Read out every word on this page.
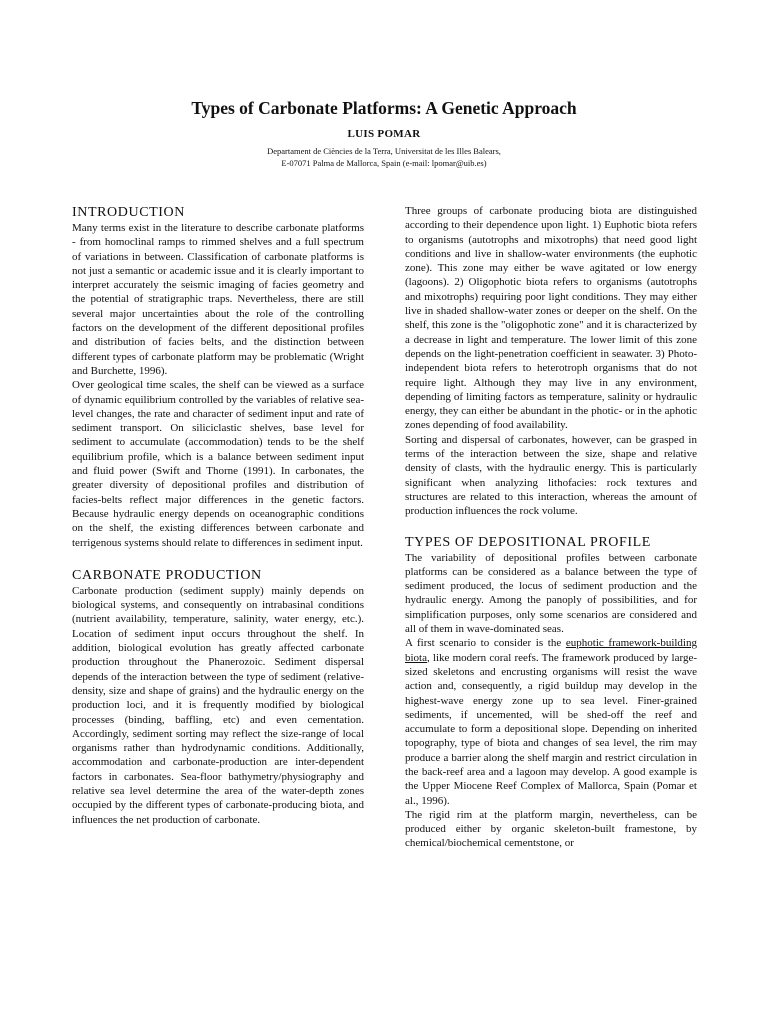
Types of Carbonate Platforms: A Genetic Approach
LUIS POMAR
Departament de Ciències de la Terra, Universitat de les Illes Balears,
E-07071 Palma de Mallorca, Spain (e-mail: lpomar@uib.es)
INTRODUCTION

Many terms exist in the literature to describe carbonate platforms - from homoclinal ramps to rimmed shelves and a full spectrum of variations in between. Classification of carbonate platforms is not just a semantic or academic issue and it is clearly important to interpret accurately the seismic imaging of facies geometry and the potential of stratigraphic traps. Nevertheless, there are still several major uncertainties about the role of the controlling factors on the development of the different depositional profiles and distribution of facies belts, and the distinction between different types of carbonate platform may be problematic (Wright and Burchette, 1996).

Over geological time scales, the shelf can be viewed as a surface of dynamic equilibrium controlled by the variables of relative sea-level changes, the rate and character of sediment input and rate of sediment transport. On siliciclastic shelves, base level for sediment to accumulate (accommodation) tends to be the shelf equilibrium profile, which is a balance between sediment input and fluid power (Swift and Thorne (1991). In carbonates, the greater diversity of depositional profiles and distribution of facies-belts reflect major differences in the genetic factors. Because hydraulic energy depends on oceanographic conditions on the shelf, the existing differences between carbonate and terrigenous systems should relate to differences in sediment input.

CARBONATE PRODUCTION

Carbonate production (sediment supply) mainly depends on biological systems, and consequently on intrabasinal conditions (nutrient availability, temperature, salinity, water energy, etc.). Location of sediment input occurs throughout the shelf. In addition, biological evolution has greatly affected carbonate production throughout the Phanerozoic. Sediment dispersal depends of the interaction between the type of sediment (relative-density, size and shape of grains) and the hydraulic energy on the production loci, and it is frequently modified by biological processes (binding, baffling, etc) and even cementation. Accordingly, sediment sorting may reflect the size-range of local organisms rather than hydrodynamic conditions. Additionally, accommodation and carbonate-production are inter-dependent factors in carbonates. Sea-floor bathymetry/physiography and relative sea level determine the area of the water-depth zones occupied by the different types of carbonate-producing biota, and influences the net production of carbonate.

Three groups of carbonate producing biota are distinguished according to their dependence upon light. 1) Euphotic biota refers to organisms (autotrophs and mixotrophs) that need good light conditions and live in shallow-water environments (the euphotic zone). This zone may either be wave agitated or low energy (lagoons). 2) Oligophotic biota refers to organisms (autotrophs and mixotrophs) requiring poor light conditions. They may either live in shaded shallow-water zones or deeper on the shelf. On the shelf, this zone is the "oligophotic zone" and it is characterized by a decrease in light and temperature. The lower limit of this zone depends on the light-penetration coefficient in seawater. 3) Photo-independent biota refers to heterotroph organisms that do not require light. Although they may live in any environment, depending of limiting factors as temperature, salinity or hydraulic energy, they can either be abundant in the photic- or in the aphotic zones depending of food availability.

Sorting and dispersal of carbonates, however, can be grasped in terms of the interaction between the size, shape and relative density of clasts, with the hydraulic energy. This is particularly significant when analyzing lithofacies: rock textures and structures are related to this interaction, whereas the amount of production influences the rock volume.

TYPES OF DEPOSITIONAL PROFILE

The variability of depositional profiles between carbonate platforms can be considered as a balance between the type of sediment produced, the locus of sediment production and the hydraulic energy. Among the panoply of possibilities, and for simplification purposes, only some scenarios are considered and all of them in wave-dominated seas.

A first scenario to consider is the euphotic framework-building biota, like modern coral reefs. The framework produced by large-sized skeletons and encrusting organisms will resist the wave action and, consequently, a rigid buildup may develop in the highest-wave energy zone up to sea level. Finer-grained sediments, if uncemented, will be shed-off the reef and accumulate to form a depositional slope. Depending on inherited topography, type of biota and changes of sea level, the rim may produce a barrier along the shelf margin and restrict circulation in the back-reef area and a lagoon may develop. A good example is the Upper Miocene Reef Complex of Mallorca, Spain (Pomar et al., 1996).

The rigid rim at the platform margin, nevertheless, can be produced either by organic skeleton-built framestone, by chemical/biochemical cementstone, or
